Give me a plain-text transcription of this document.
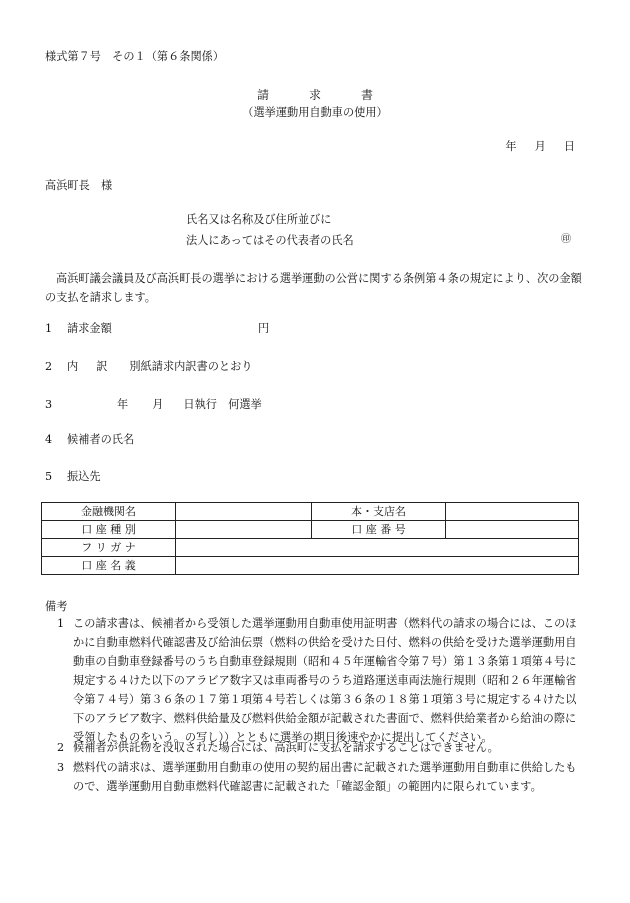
様式第７号　その１（第６条関係）
請求書
（選挙運動用自動車の使用）
年 月 日
高浜町長　様
氏名又は名称及び住所並びに
法人にあってはその代表者の氏名	㊞
高浜町議会議員及び高浜町長の選挙における選挙運動の公営に関する条例第４条の規定により、次の金額の支払を請求します。
1 請求金額	円
2 内訳 別紙請求内訳書のとおり
3	年 月 日執行　何選挙
4 候補者の氏名
5 振込先
金融機関名		本・支店名	
口 座 種 別		口 座 番 号	
フ リ ガ ナ			
口 座 名 義			
備考
1 この請求書は、候補者から受領した選挙運動用自動車使用証明書（燃料代の請求の場合には、このほかに自動車燃料代確認書及び給油伝票（燃料の供給を受けた日付、燃料の供給を受けた選挙運動用自動車の自動車登録番号のうち自動車登録規則（昭和４５年運輸省令第７号）第１３条第１項第４号に規定する４けた以下のアラビア数字又は車両番号のうち道路運送車両法施行規則（昭和２６年運輸省令第７４号）第３６条の１７第１項第４号若しくは第３６条の１８第１項第３号に規定する４けた以下のアラビア数字、燃料供給量及び燃料供給金額が記載された書面で、燃料供給業者から給油の際に受領したものをいう。の写し））とともに選挙の期日後速やかに提出してください。
2 候補者が供託物を没収された場合には、高浜町に支払を請求することはできません。
3 燃料代の請求は、選挙運動用自動車の使用の契約届出書に記載された選挙運動用自動車に供給したもので、選挙運動用自動車燃料代確認書に記載された「確認金額」の範囲内に限られています。
